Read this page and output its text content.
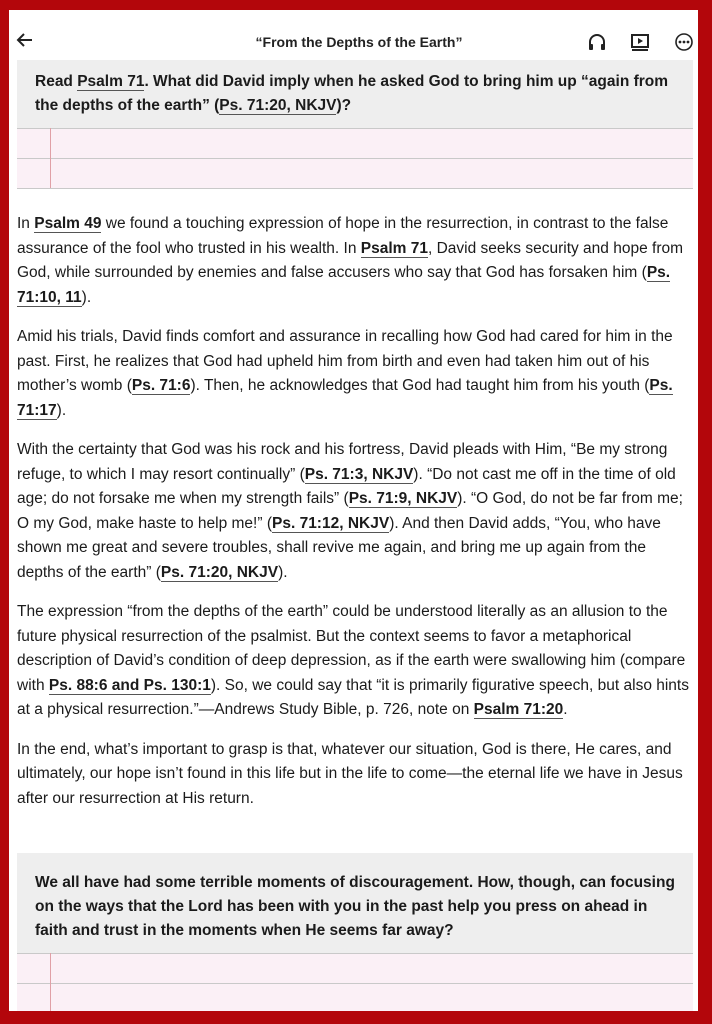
“From the Depths of the Earth”
Read Psalm 71. What did David imply when he asked God to bring him up “again from the depths of the earth” (Ps. 71:20, NKJV)?

In Psalm 49 we found a touching expression of hope in the resurrection, in contrast to the false assurance of the fool who trusted in his wealth. In Psalm 71, David seeks security and hope from God, while surrounded by enemies and false accusers who say that God has forsaken him (Ps. 71:10, 11).

Amid his trials, David finds comfort and assurance in recalling how God had cared for him in the past. First, he realizes that God had upheld him from birth and even had taken him out of his mother’s womb (Ps. 71:6). Then, he acknowledges that God had taught him from his youth (Ps. 71:17).

With the certainty that God was his rock and his fortress, David pleads with Him, “Be my strong refuge, to which I may resort continually” (Ps. 71:3, NKJV). “Do not cast me off in the time of old age; do not forsake me when my strength fails” (Ps. 71:9, NKJV). “O God, do not be far from me; O my God, make haste to help me!” (Ps. 71:12, NKJV). And then David adds, “You, who have shown me great and severe troubles, shall revive me again, and bring me up again from the depths of the earth” (Ps. 71:20, NKJV).

The expression “from the depths of the earth” could be understood literally as an allusion to the future physical resurrection of the psalmist. But the context seems to favor a metaphorical description of David’s condition of deep depression, as if the earth were swallowing him (compare with Ps. 88:6 and Ps. 130:1). So, we could say that “it is primarily figurative speech, but also hints at a physical resurrection.”—Andrews Study Bible, p. 726, note on Psalm 71:20.

In the end, what’s important to grasp is that, whatever our situation, God is there, He cares, and ultimately, our hope isn’t found in this life but in the life to come—the eternal life we have in Jesus after our resurrection at His return.

We all have had some terrible moments of discouragement. How, though, can focusing on the ways that the Lord has been with you in the past help you press on ahead in faith and trust in the moments when He seems far away?
